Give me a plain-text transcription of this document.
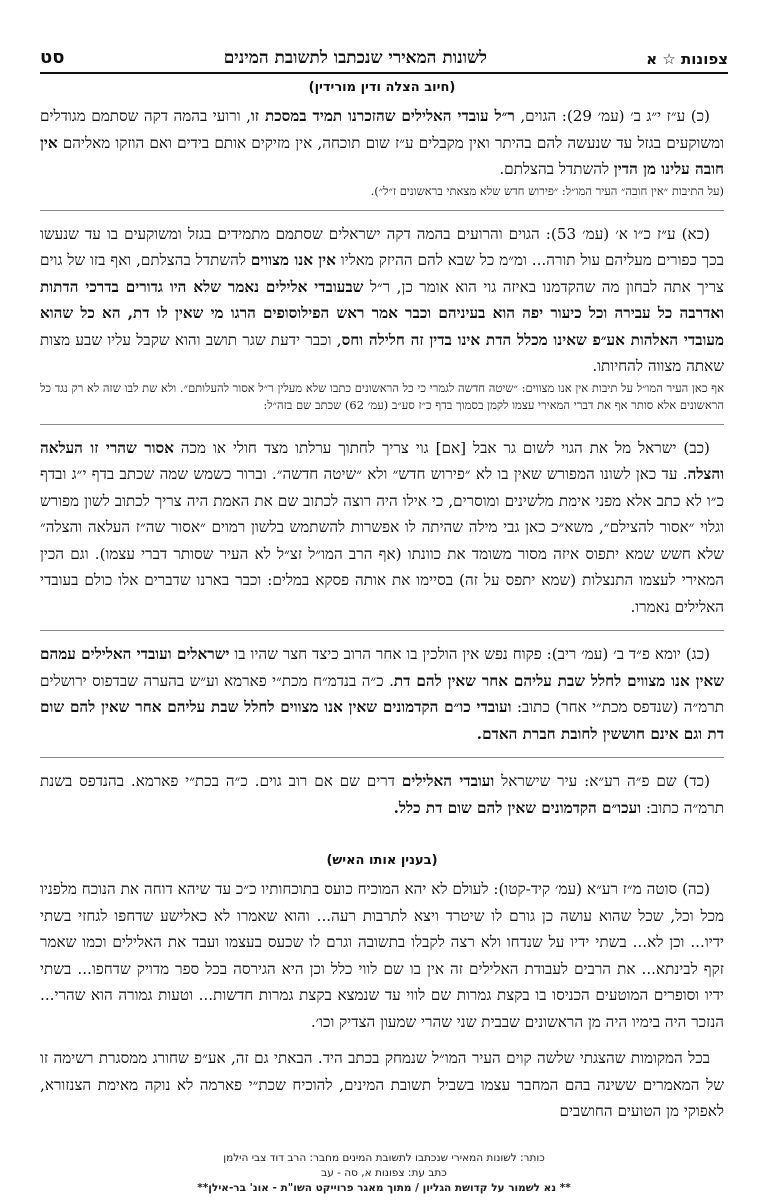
צפונות ☆ א
לשונות המאירי שנכתבו לתשובת המינים
סט
(חיוב הצלה ודין מורידין)

(כ) ע״ז י״ג ב׳ (עמ׳ 29): הגוים, ר״ל עובדי האלילים שהזכרנו תמיד במסכת זו, ורועי בהמה דקה שסתמם מגודלים ומשוקעים בגזל עד שנעשה להם בהיתר ואין מקבלים ע״ז שום תוכחה, אין מזיקים אותם בידים ואם הוזקו מאליהם אין חובה עלינו מן הדין להשתדל בהצלתם.
(על התיבות ״אין חובה״ העיר המו״ל: ״פירוש חדש שלא מצאתי בראשונים ז״ל״).

(כא) ע״ז כ״ו א׳ (עמ׳ 53): הגוים והרועים בהמה דקה ישראלים שסתמם מתמידים בגזל ומשוקעים בו עד שנעשו בכך כפורים מעליהם עול תורה... ומ״מ כל שבא להם ההיזק מאליו אין אנו מצווים להשתדל בהצלתם, ואף בזו של גוים צריך אתה לבחון מה שהקדמנו באיזה גוי הוא אומר כן, ר״ל שבעובדי אלילים נאמר שלא היו גדורים בדרכי הדתות ואדרבה כל עבירה וכל כיעור יפה הוא בעיניהם וכבר אמר ראש הפילוסופים הרגו מי שאין לו דת, הא כל שהוא מעובדי האלהות אע״פ שאינו מכלל הדת אינו בדין זה חלילה וחס, וכבר ידעת שגר תושב והוא שקבל עליו שבע מצות שאתה מצווה להחיותו.
אף כאן העיר המו״ל על תיבות אין אנו מצווים: ״שיטה חדשה לגמרי כי כל הראשונים כתבו שלא מעלין ר״ל אסור להעלותם״. ולא שת לבו שזה לא רק נגד כל הראשונים אלא סותר אף את דברי המאירי עצמו לקמן בסמוך בדף כ״ז סע״ב (עמ׳ 62) שכתב שם בזה״ל:

(כב) ישראל מל את הגוי לשום גר אבל [אם] גוי צריך לחתוך ערלתו מצד חולי או מכה אסור שהרי זו העלאה והצלה. עד כאן לשונו המפורש שאין בו לא ״פירוש חדש״ ולא ״שיטה חדשה״. וברור כשמש שמה שכתב בדף י״ג ובדף כ״ו לא כתב אלא מפני אימת מלשינים ומוסרים, כי אילו היה רוצה לכתוב שם את האמת היה צריך לכתוב לשון מפורש וגלוי ״אסור להצילם״, משא״כ כאן גבי מילה שהיתה לו אפשרות להשתמש בלשון רמוים ״אסור שה״ז העלאה והצלה״ שלא חשש שמא יתפוס איזה מסור משומד את כוונתו (אף הרב המו״ל זצ״ל לא העיר שסותר דברי עצמו). וגם הכין המאירי לעצמו התנצלות (שמא יתפס על זה) בסיימו את אותה פסקא במלים: וכבר בארנו שדברים אלו כולם בעובדי האלילים נאמרו.

(כג) יומא פ״ד ב׳ (עמ׳ ריב): פקוח נפש אין הולכין בו אחר הרוב כיצד חצר שהיו בו ישראלים ועובדי האלילים עמהם שאין אנו מצווים לחלל שבת עליהם אחר שאין להם דת. כ״ה בנדמ״ח מכת״י פארמא וע״ש בהערה שבדפוס ירושלים תרמ״ה (שנדפס מכת״י אחר) כתוב: ועובדי כו״ם הקדמונים שאין אנו מצווים לחלל שבת עליהם אחר שאין להם שום דת וגם אינם חוששין לחובת חברת האדם.

(כד) שם פ״ה רע״א: עיר שישראל ועובדי האלילים דרים שם אם רוב גוים. כ״ה בכת״י פארמא. בהנדפס בשנת תרמ״ה כתוב: ועכו״ם הקדמונים שאין להם שום דת כלל.

(בענין אותו האיש)

(כה) סוטה מ״ז רע״א (עמ׳ קיד-קטו): לעולם לא יהא המוכיח כועס בתוכחותיו כ״כ עד שיהא דוחה את הנוכח מלפניו מכל וכל, שכל שהוא עושה כן גורם לו שיטרד ויצא לתרבות רעה... והוא שאמרו לא כאלישע שדחפו לגחזי בשתי ידיו... וכן לא... בשתי ידיו על שנדחו ולא רצה לקבלו בתשובה וגרם לו שכעס בעצמו ועבד את האלילים וכמו שאמר זקף לבינתא... את הרבים לעבודת האלילים זה אין בו שם לווי כלל וכן היא הגירסה בכל ספר מדויק שדחפו... בשתי ידיו וסופרים המוטעים הכניסו בו בקצת גמרות שם לווי עד שנמצא בקצת גמרות חדשות... וטעות גמורה הוא שהרי... הנזכר היה בימיו היה מן הראשונים שבבית שני שהרי שמעון הצדיק וכו׳.

בכל המקומות שהצגתי שלשה קוים העיר המו״ל שנמחק בכתב היד. הבאתי גם זה, אע״פ שחורג ממסגרת רשימה זו של המאמרים ששינה בהם המחבר עצמו בשביל תשובת המינים, להוכיח שכת״י פארמה לא נוקה מאימת הצנזורא, לאפוקי מן הטועים החושבים

כותר: לשונות המאירי שנכתבו לתשובת המינים מחבר: הרב דוד צבי הילמן
כתב עת: צפונות א, סה - עב
** נא לשמור על קדושת הגליון / מתוך מאגר פרוייקט השו"ת - אונ' בר-אילן**
